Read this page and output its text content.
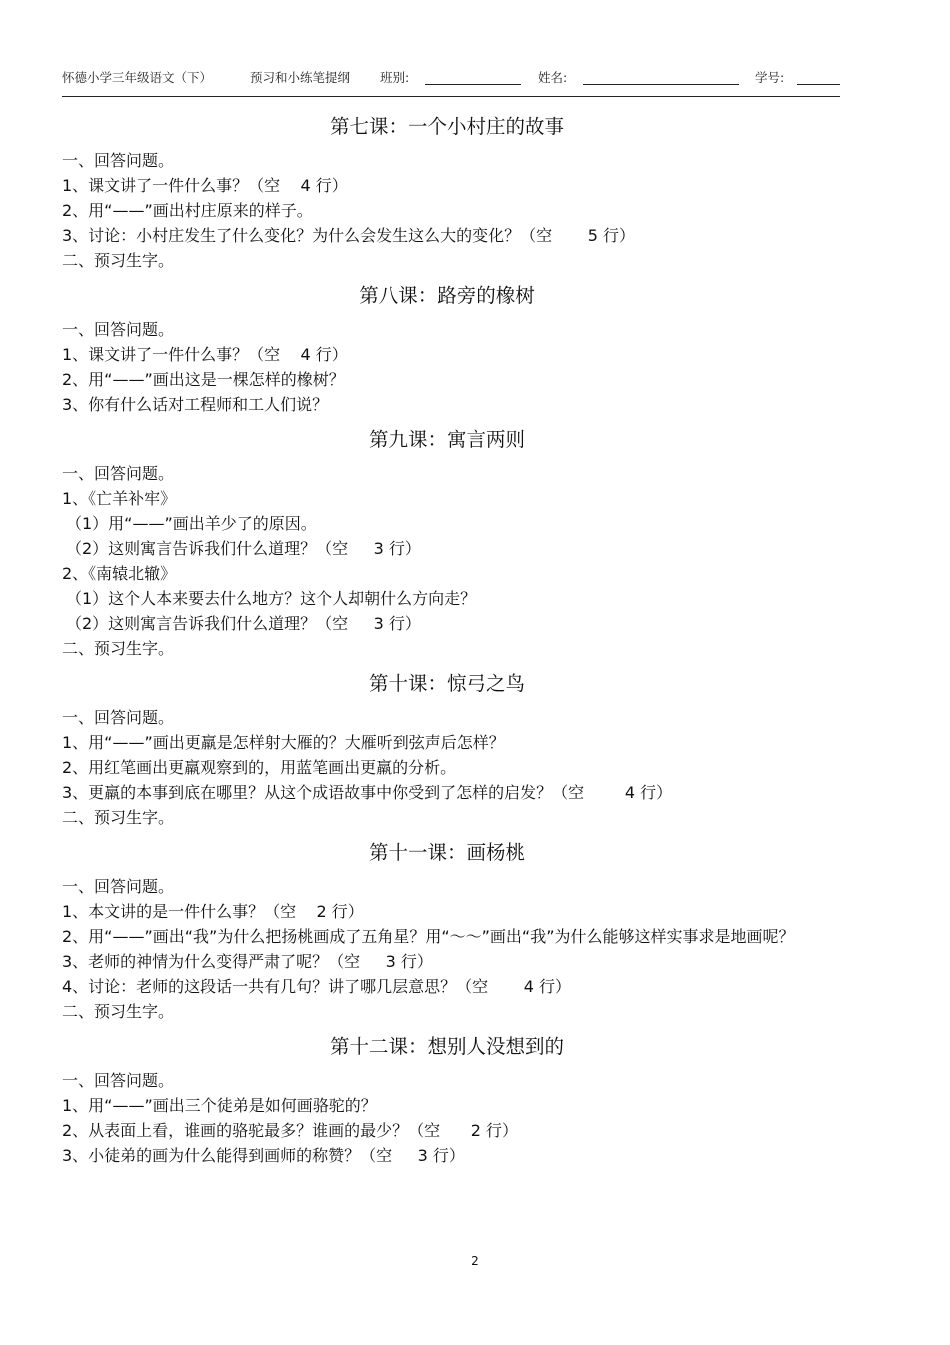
怀德小学三年级语文（下）	预习和小练笔提纲 班别:	姓名:	学号:
第七课：一个小村庄的故事
一、回答问题。
1、课文讲了一件什么事？（空    4 行）
2、用“——”画出村庄原来的样子。
3、讨论：小村庄发生了什么变化？为什么会发生这么大的变化？（空       5 行）
二、预习生字。
第八课：路旁的橡树
一、回答问题。
1、课文讲了一件什么事？（空    4 行）
2、用“——”画出这是一棵怎样的橡树？
3、你有什么话对工程师和工人们说？
第九课：寓言两则
一、回答问题。
1、《亡羊补牢》
（1）用“——”画出羊少了的原因。
（2）这则寓言告诉我们什么道理？（空     3 行）
2、《南辕北辙》
（1）这个人本来要去什么地方？这个人却朝什么方向走？
（2）这则寓言告诉我们什么道理？（空     3 行）
二、预习生字。
第十课：惊弓之鸟
一、回答问题。
1、用“——”画出更羸是怎样射大雁的？大雁听到弦声后怎样？
2、用红笔画出更羸观察到的，用蓝笔画出更羸的分析。
3、更羸的本事到底在哪里？从这个成语故事中你受到了怎样的启发？（空        4 行）
二、预习生字。
第十一课：画杨桃
一、回答问题。
1、本文讲的是一件什么事？（空    2 行）
2、用“——”画出“我”为什么把扬桃画成了五角星？用“～～”画出“我”为什么能够这样实事求是地画呢？
3、老师的神情为什么变得严肃了呢？（空     3 行）
4、讨论：老师的这段话一共有几句？讲了哪几层意思？（空       4 行）
二、预习生字。
第十二课：想别人没想到的
一、回答问题。
1、用“——”画出三个徒弟是如何画骆驼的？
2、从表面上看，谁画的骆驼最多？谁画的最少？（空      2 行）
3、小徒弟的画为什么能得到画师的称赞？（空     3 行）
2
